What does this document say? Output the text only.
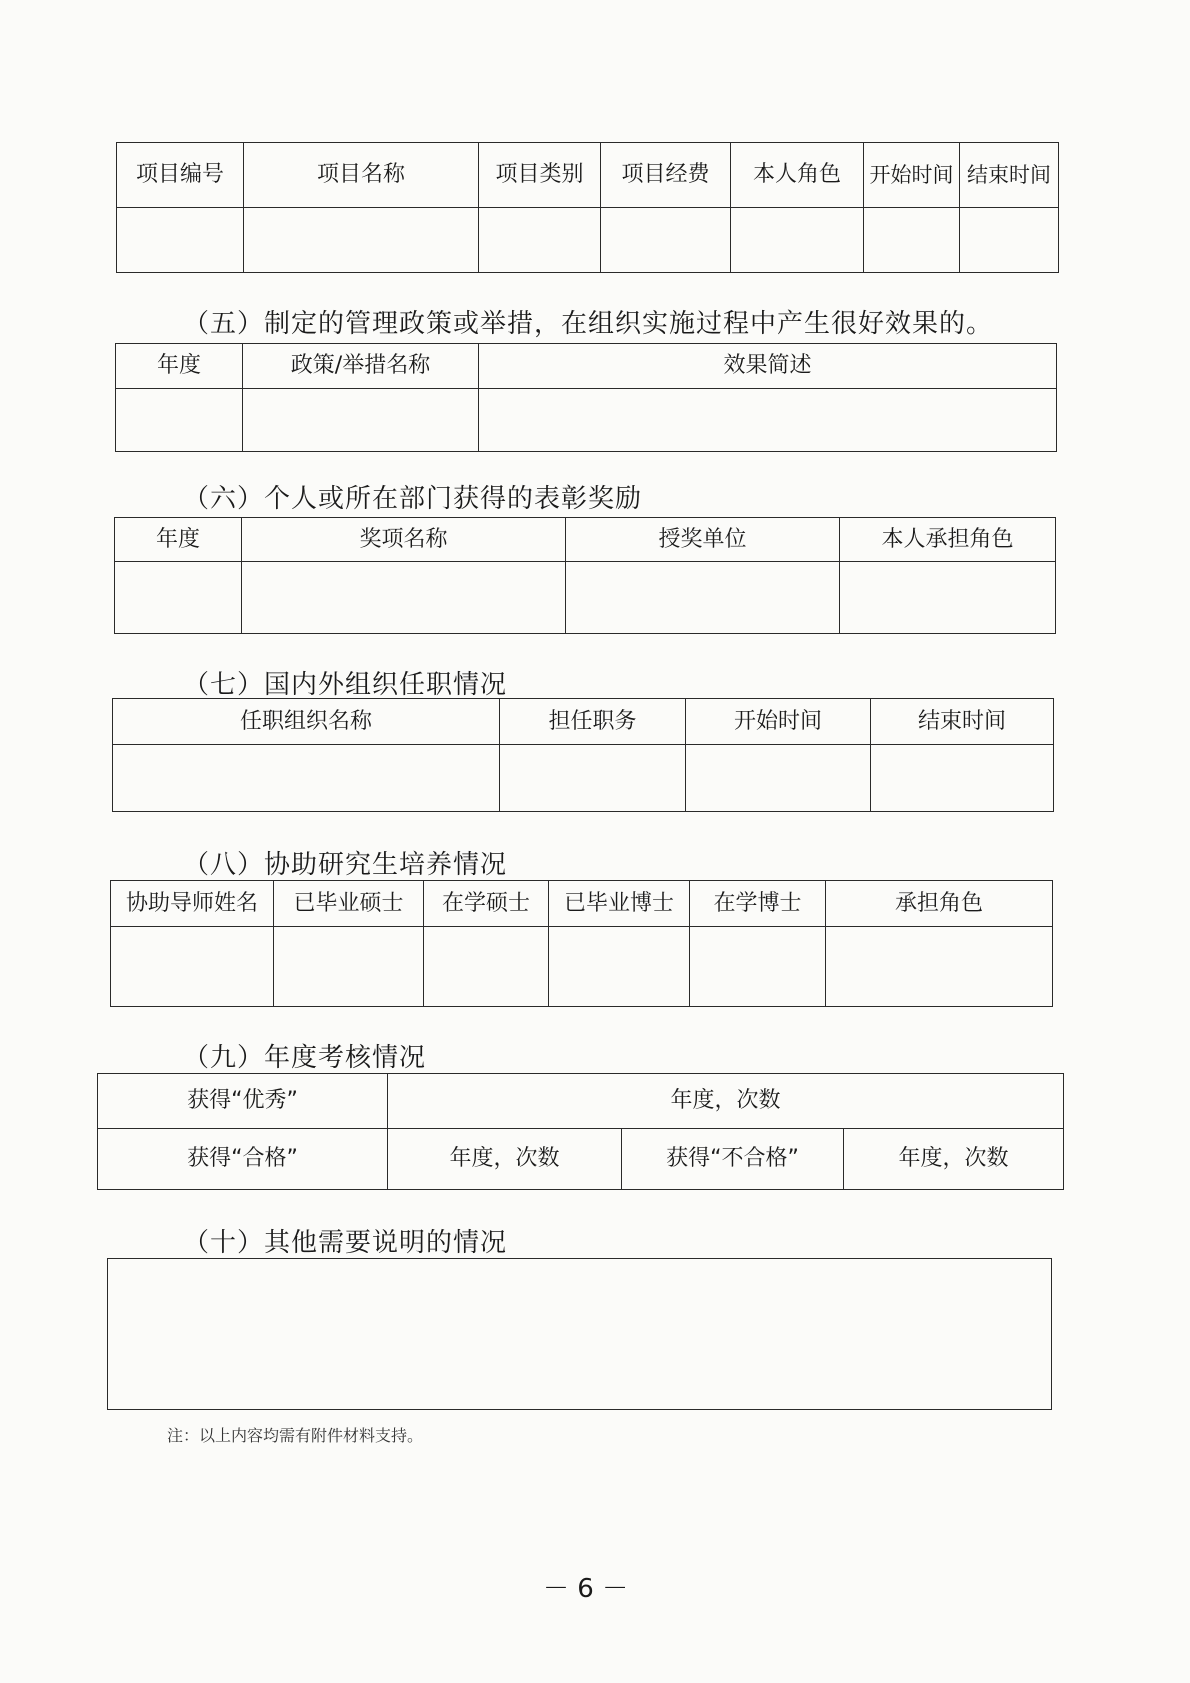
项目编号	项目名称	项目类别	项目经费	本人角色	开始时间	结束时间

（五）制定的管理政策或举措，在组织实施过程中产生很好效果的。
年度	政策/举措名称	效果简述

（六）个人或所在部门获得的表彰奖励
年度	奖项名称	授奖单位	本人承担角色

（七）国内外组织任职情况
任职组织名称	担任职务	开始时间	结束时间

（八）协助研究生培养情况
协助导师姓名	已毕业硕士	在学硕士	已毕业博士	在学博士	承担角色

（九）年度考核情况
获得“优秀”	年度，次数		
获得“合格”	年度，次数	获得“不合格”	年度，次数
（十）其他需要说明的情况
注：以上内容均需有附件材料支持。
－ 6 －
